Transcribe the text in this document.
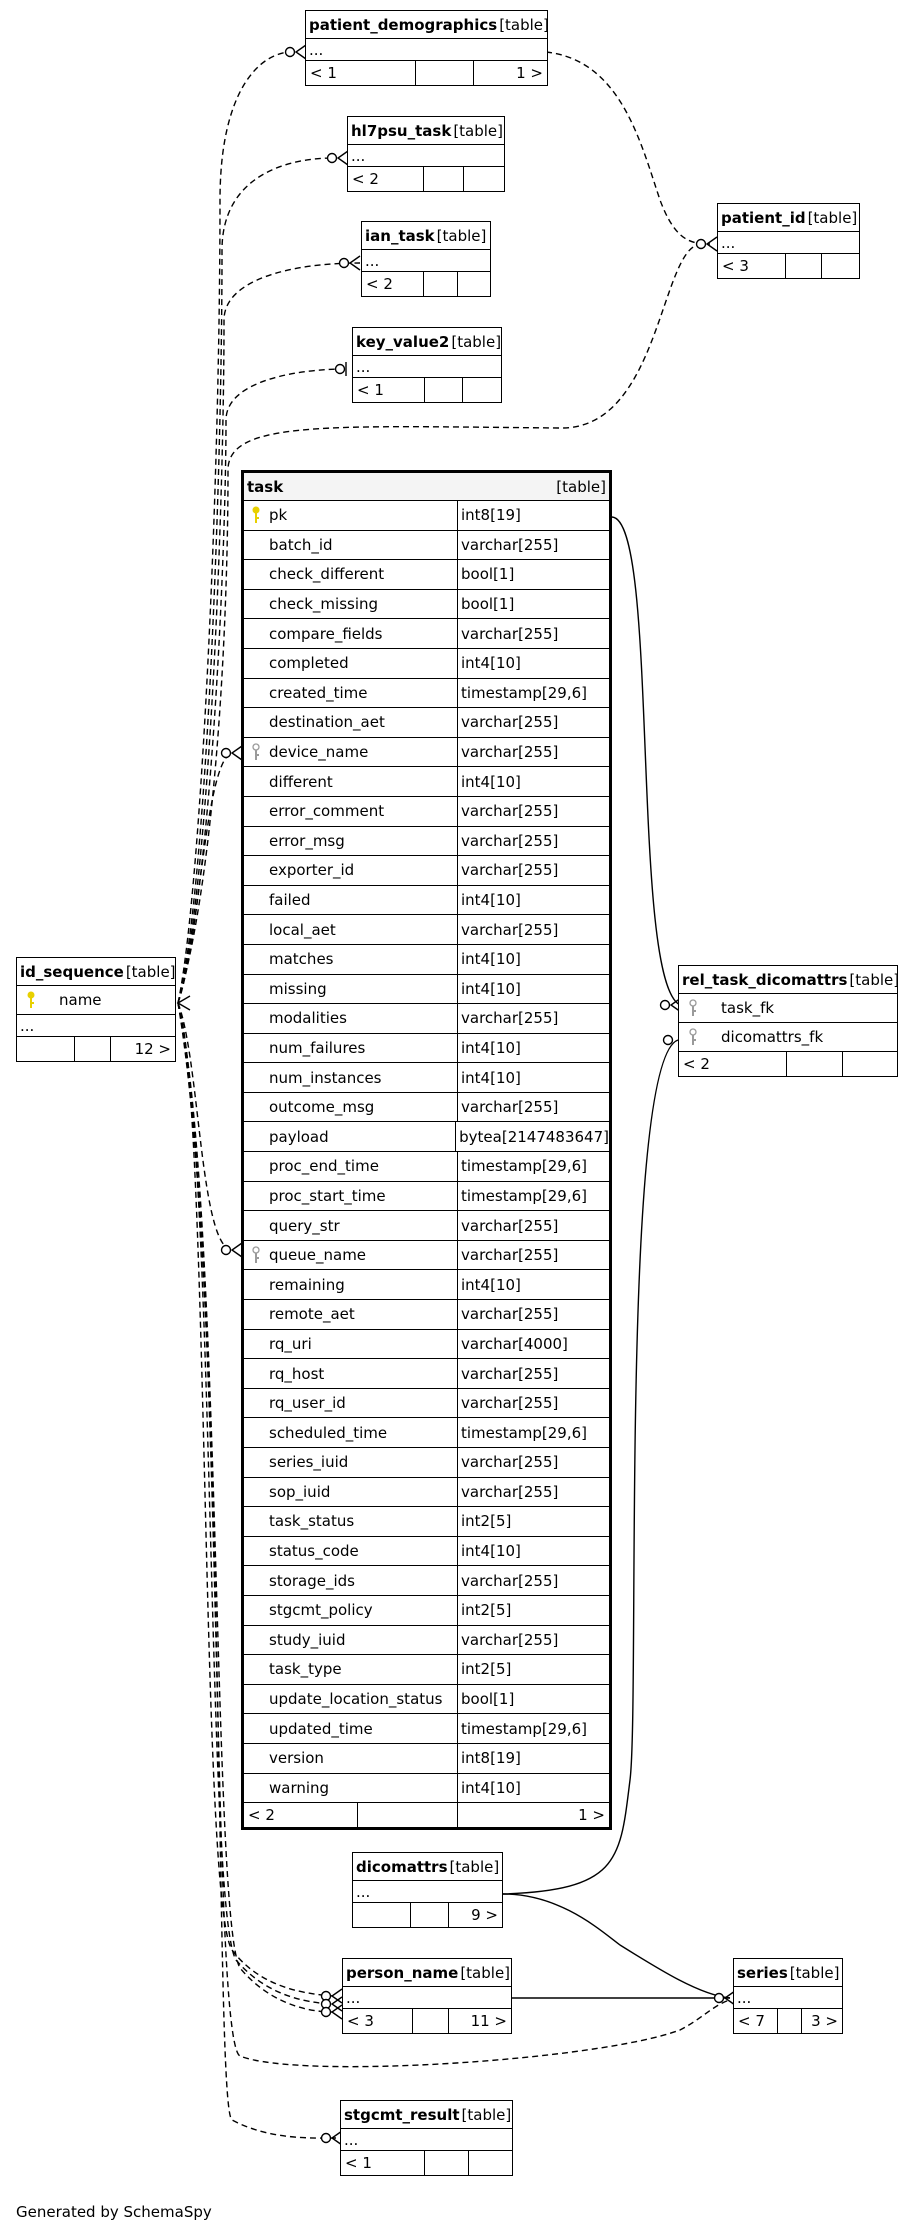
patient_demographics [table]
...
< 1	1 >
hl7psu_task [table]
...
< 2
ian_task [table]
...
< 2
key_value2 [table]
...
< 1
patient_id [table]
...
< 3
id_sequence [table]
name
...
12 >
task	[table]
pk	int8[19]
batch_id	varchar[255]
check_different	bool[1]
check_missing	bool[1]
compare_fields	varchar[255]
completed	int4[10]
created_time	timestamp[29,6]
destination_aet	varchar[255]
device_name	varchar[255]
different	int4[10]
error_comment	varchar[255]
error_msg	varchar[255]
exporter_id	varchar[255]
failed	int4[10]
local_aet	varchar[255]
matches	int4[10]
missing	int4[10]
modalities	varchar[255]
num_failures	int4[10]
num_instances	int4[10]
outcome_msg	varchar[255]
payload	bytea[2147483647]
proc_end_time	timestamp[29,6]
proc_start_time	timestamp[29,6]
query_str	varchar[255]
queue_name	varchar[255]
remaining	int4[10]
remote_aet	varchar[255]
rq_uri	varchar[4000]
rq_host	varchar[255]
rq_user_id	varchar[255]
scheduled_time	timestamp[29,6]
series_iuid	varchar[255]
sop_iuid	varchar[255]
task_status	int2[5]
status_code	int4[10]
storage_ids	varchar[255]
stgcmt_policy	int2[5]
study_iuid	varchar[255]
task_type	int2[5]
update_location_status bool[1]
updated_time	timestamp[29,6]
version	int8[19]
warning	int4[10]
< 2	1 >
rel_task_dicomattrs [table]
task_fk
dicomattrs_fk
< 2
dicomattrs [table]
...
9 >
person_name [table]
...
< 3	11 >
series [table]
...
< 7	3 >
stgcmt_result [table]
...
< 1
Generated by SchemaSpy
